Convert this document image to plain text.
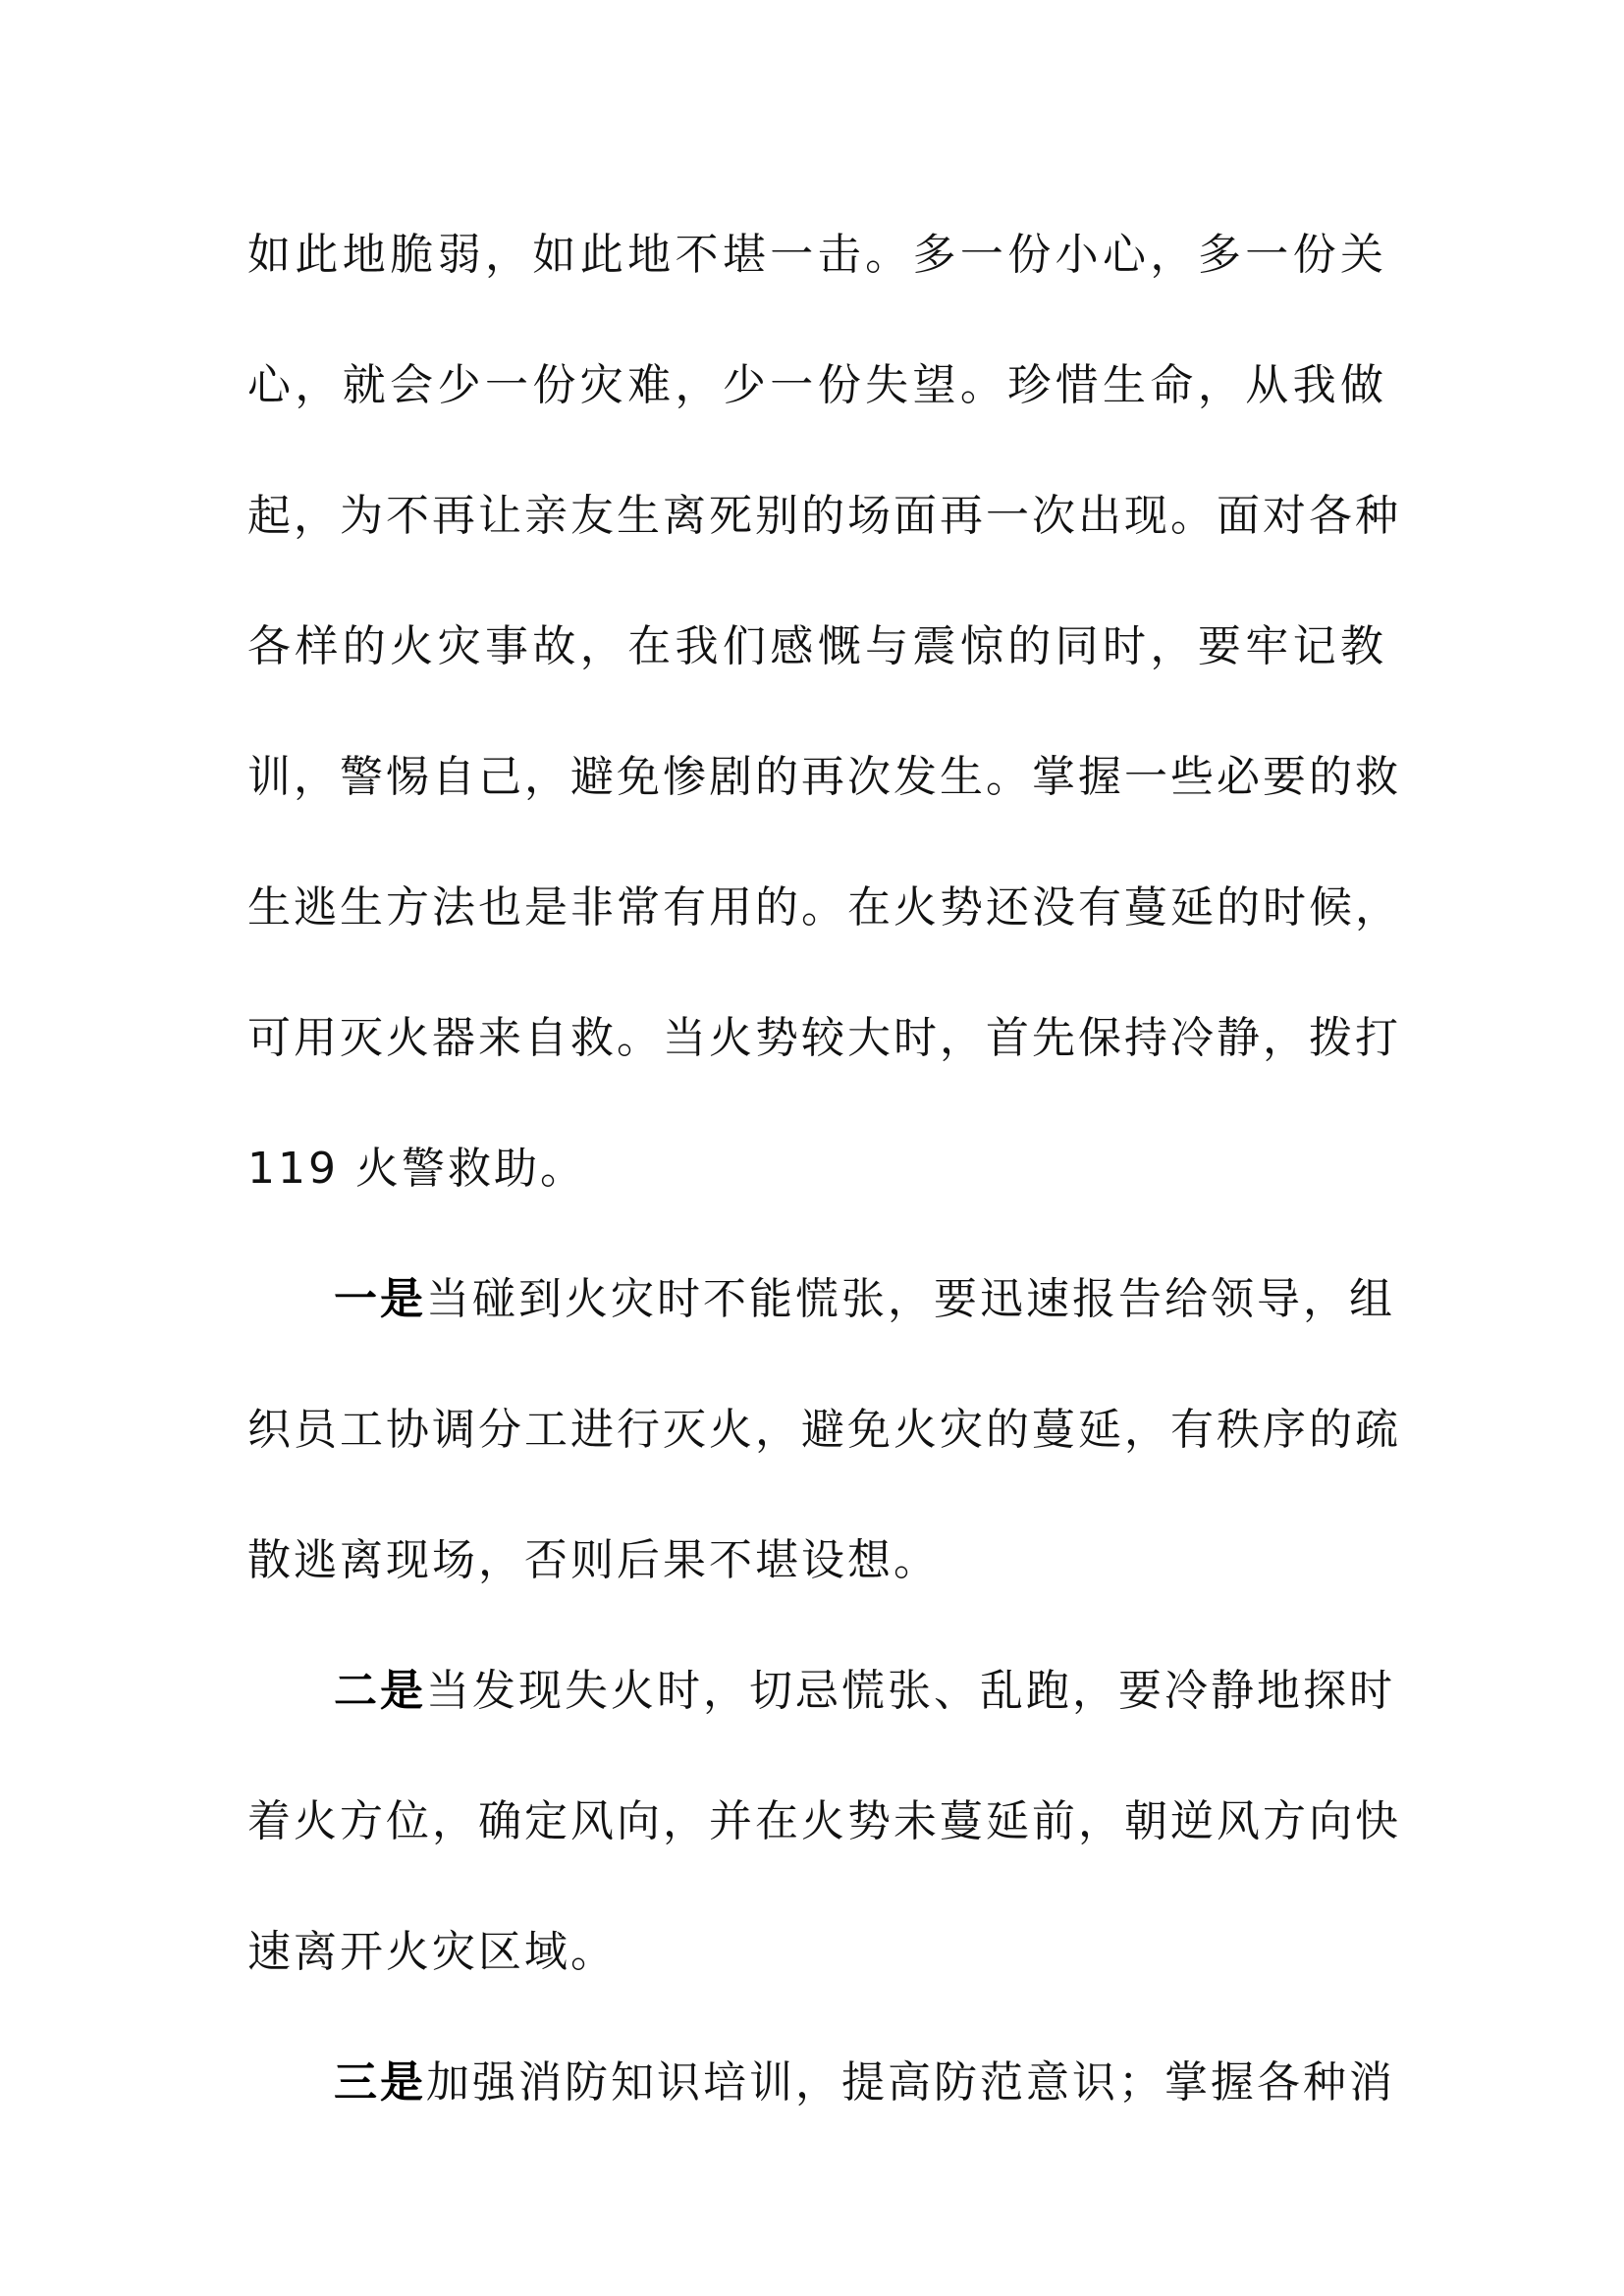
如此地脆弱，如此地不堪一击。多一份小心，多一份关
心，就会少一份灾难，少一份失望。珍惜生命，从我做
起，为不再让亲友生离死别的场面再一次出现。面对各种
各样的火灾事故，在我们感慨与震惊的同时，要牢记教
训，警惕自己，避免惨剧的再次发生。掌握一些必要的救
生逃生方法也是非常有用的。在火势还没有蔓延的时候，
可用灭火器来自救。当火势较大时，首先保持冷静，拨打
119 火警救助。
一是当碰到火灾时不能慌张，要迅速报告给领导，组
织员工协调分工进行灭火，避免火灾的蔓延，有秩序的疏
散逃离现场，否则后果不堪设想。
二是当发现失火时，切忌慌张、乱跑，要冷静地探时
着火方位，确定风向，并在火势未蔓延前，朝逆风方向快
速离开火灾区域。
三是加强消防知识培训，提高防范意识；掌握各种消
